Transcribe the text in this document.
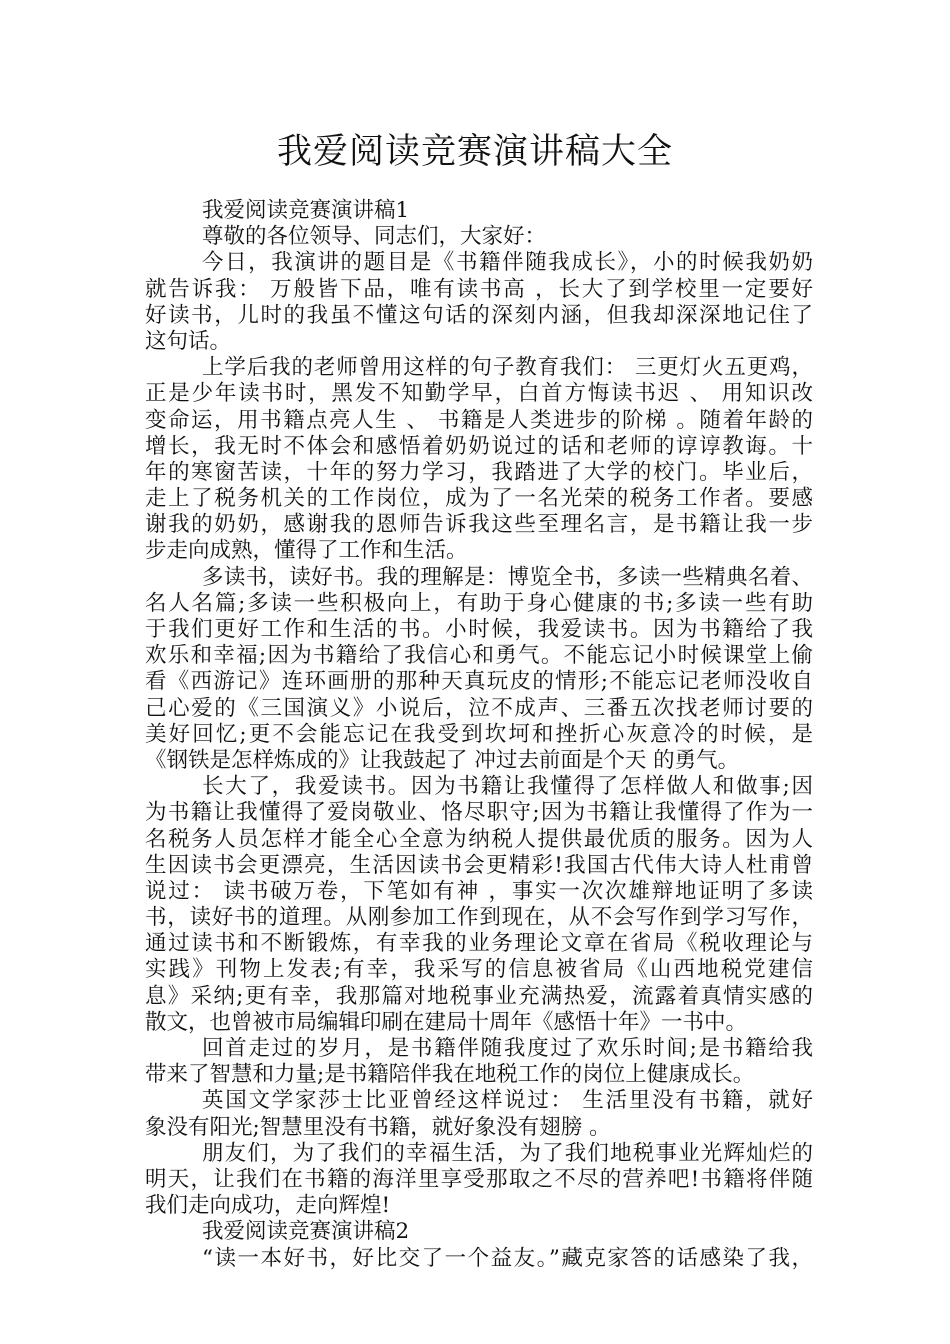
我爱阅读竞赛演讲稿大全
我爱阅读竞赛演讲稿1
尊敬的各位领导、同志们，大家好：
今日，我演讲的题目是《书籍伴随我成长》，小的时候我奶奶
就告诉我： 万般皆下品，唯有读书高 ，长大了到学校里一定要好
好读书，儿时的我虽不懂这句话的深刻内涵，但我却深深地记住了
这句话。
上学后我的老师曾用这样的句子教育我们： 三更灯火五更鸡，
正是少年读书时，黑发不知勤学早，白首方悔读书迟 、 用知识改
变命运，用书籍点亮人生 、 书籍是人类进步的阶梯 。随着年龄的
增长，我无时不体会和感悟着奶奶说过的话和老师的谆谆教诲。十
年的寒窗苦读，十年的努力学习，我踏进了大学的校门。毕业后，
走上了税务机关的工作岗位，成为了一名光荣的税务工作者。要感
谢我的奶奶，感谢我的恩师告诉我这些至理名言，是书籍让我一步
步走向成熟，懂得了工作和生活。
多读书，读好书。我的理解是：博览全书，多读一些精典名着、
名人名篇;多读一些积极向上，有助于身心健康的书;多读一些有助
于我们更好工作和生活的书。小时候，我爱读书。因为书籍给了我
欢乐和幸福;因为书籍给了我信心和勇气。不能忘记小时候课堂上偷
看《西游记》连环画册的那种天真玩皮的情形;不能忘记老师没收自
己心爱的《三国演义》小说后，泣不成声、三番五次找老师讨要的
美好回忆;更不会能忘记在我受到坎坷和挫折心灰意冷的时候，是
《钢铁是怎样炼成的》让我鼓起了 冲过去前面是个天 的勇气。
长大了，我爱读书。因为书籍让我懂得了怎样做人和做事;因
为书籍让我懂得了爱岗敬业、恪尽职守;因为书籍让我懂得了作为一
名税务人员怎样才能全心全意为纳税人提供最优质的服务。因为人
生因读书会更漂亮，生活因读书会更精彩!我国古代伟大诗人杜甫曾
说过： 读书破万卷，下笔如有神 ，事实一次次雄辩地证明了多读
书，读好书的道理。从刚参加工作到现在，从不会写作到学习写作，
通过读书和不断锻炼，有幸我的业务理论文章在省局《税收理论与
实践》刊物上发表;有幸，我采写的信息被省局《山西地税党建信
息》采纳;更有幸，我那篇对地税事业充满热爱，流露着真情实感的
散文，也曾被市局编辑印刷在建局十周年《感悟十年》一书中。
回首走过的岁月，是书籍伴随我度过了欢乐时间;是书籍给我
带来了智慧和力量;是书籍陪伴我在地税工作的岗位上健康成长。
英国文学家莎士比亚曾经这样说过： 生活里没有书籍，就好
象没有阳光;智慧里没有书籍，就好象没有翅膀 。
朋友们，为了我们的幸福生活，为了我们地税事业光辉灿烂的
明天，让我们在书籍的海洋里享受那取之不尽的营养吧!书籍将伴随
我们走向成功，走向辉煌!
我爱阅读竞赛演讲稿2
“读一本好书，好比交了一个益友。”藏克家答的话感染了我，
